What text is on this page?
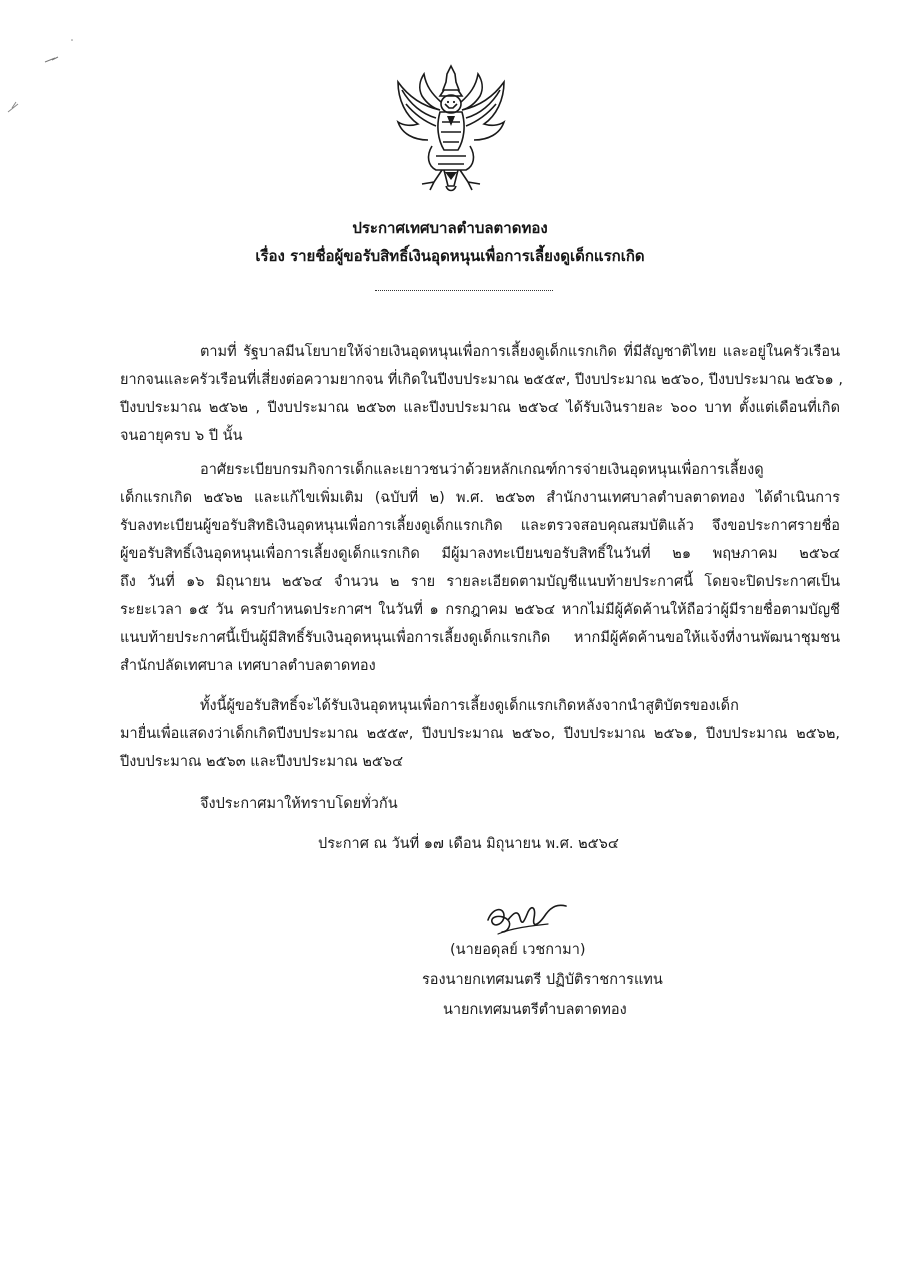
ประกาศเทศบาลตำบลตาดทอง
เรื่อง รายชื่อผู้ขอรับสิทธิ์เงินอุดหนุนเพื่อการเลี้ยงดูเด็กแรกเกิด
ตามที่ รัฐบาลมีนโยบายให้จ่ายเงินอุดหนุนเพื่อการเลี้ยงดูเด็กแรกเกิด ที่มีสัญชาติไทย และอยู่ในครัวเรือน
ยากจนและครัวเรือนที่เสี่ยงต่อความยากจน ที่เกิดในปีงบประมาณ ๒๕๕๙, ปีงบประมาณ ๒๕๖๐, ปีงบประมาณ ๒๕๖๑ ,
ปีงบประมาณ ๒๕๖๒ , ปีงบประมาณ ๒๕๖๓ และปีงบประมาณ ๒๕๖๔ ได้รับเงินรายละ ๖๐๐ บาท ตั้งแต่เดือนที่เกิด
จนอายุครบ ๖ ปี นั้น
อาศัยระเบียบกรมกิจการเด็กและเยาวชนว่าด้วยหลักเกณฑ์การจ่ายเงินอุดหนุนเพื่อการเลี้ยงดู
เด็กแรกเกิด ๒๕๖๒ และแก้ไขเพิ่มเติม (ฉบับที่ ๒) พ.ศ. ๒๕๖๓ สำนักงานเทศบาลตำบลตาดทอง ได้ดำเนินการ
รับลงทะเบียนผู้ขอรับสิทธิเงินอุดหนุนเพื่อการเลี้ยงดูเด็กแรกเกิด และตรวจสอบคุณสมบัติแล้ว จึงขอประกาศรายชื่อ
ผู้ขอรับสิทธิ์เงินอุดหนุนเพื่อการเลี้ยงดูเด็กแรกเกิด มีผู้มาลงทะเบียนขอรับสิทธิ์ในวันที่ ๒๑ พฤษภาคม ๒๕๖๔
ถึง วันที่ ๑๖ มิถุนายน ๒๕๖๔ จำนวน ๒ ราย รายละเอียดตามบัญชีแนบท้ายประกาศนี้ โดยจะปิดประกาศเป็น
ระยะเวลา ๑๕ วัน ครบกำหนดประกาศฯ ในวันที่ ๑ กรกฎาคม ๒๕๖๔ หากไม่มีผู้คัดค้านให้ถือว่าผู้มีรายชื่อตามบัญชี
แนบท้ายประกาศนี้เป็นผู้มีสิทธิ์รับเงินอุดหนุนเพื่อการเลี้ยงดูเด็กแรกเกิด หากมีผู้คัดค้านขอให้แจ้งที่งานพัฒนาชุมชน
สำนักปลัดเทศบาล เทศบาลตำบลตาดทอง
ทั้งนี้ผู้ขอรับสิทธิ์จะได้รับเงินอุดหนุนเพื่อการเลี้ยงดูเด็กแรกเกิดหลังจากนำสูติบัตรของเด็ก
มายื่นเพื่อแสดงว่าเด็กเกิดปีงบประมาณ ๒๕๕๙, ปีงบประมาณ ๒๕๖๐, ปีงบประมาณ ๒๕๖๑, ปีงบประมาณ ๒๕๖๒,
ปีงบประมาณ ๒๕๖๓ และปีงบประมาณ ๒๕๖๔
จึงประกาศมาให้ทราบโดยทั่วกัน
ประกาศ ณ วันที่ ๑๗ เดือน มิถุนายน พ.ศ. ๒๕๖๔
(นายอดุลย์ เวชกามา)
รองนายกเทศมนตรี ปฏิบัติราชการแทน
นายกเทศมนตรีตำบลตาดทอง
